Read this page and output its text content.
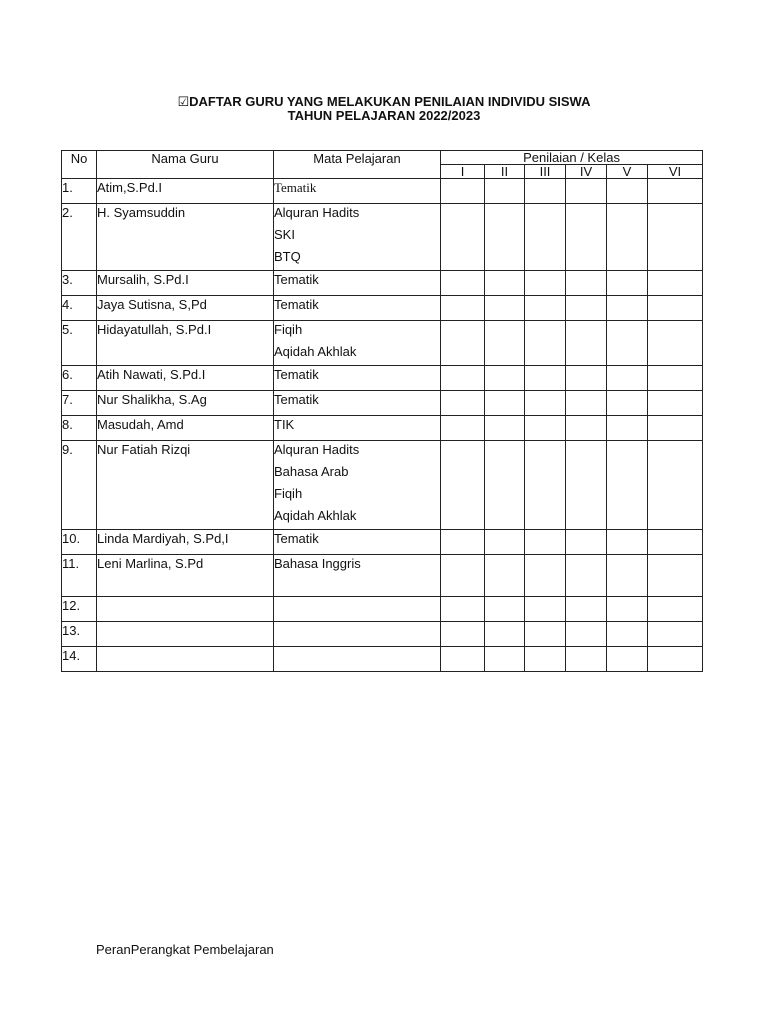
☑DAFTAR GURU YANG MELAKUKAN PENILAIAN INDIVIDU SISWA
TAHUN PELAJARAN 2022/2023
No	Nama Guru	Mata Pelajaran	Penilaian / Kelas					
			I	II	III	IV	V	VI

1.	Atim,S.Pd.I	Tematik						

2.	H. Syamsuddin	Alquran Hadits
SKI
BTQ						

3.	Mursalih, S.Pd.I	Tematik						

4.	Jaya Sutisna, S,Pd	Tematik						

5.	Hidayatullah, S.Pd.I	Fiqih
Aqidah Akhlak						

6.	Atih Nawati, S.Pd.I	Tematik						

7.	Nur Shalikha, S.Ag	Tematik						

8.	Masudah, Amd	TIK						

9.	Nur Fatiah Rizqi	Alquran Hadits
Bahasa Arab
Fiqih
Aqidah Akhlak						

10.	Linda Mardiyah, S.Pd,I	Tematik						

11.	Leni Marlina, S.Pd	Bahasa Inggris						

12.								

13.								

14.								

PeranPerangkat Pembelajaran
